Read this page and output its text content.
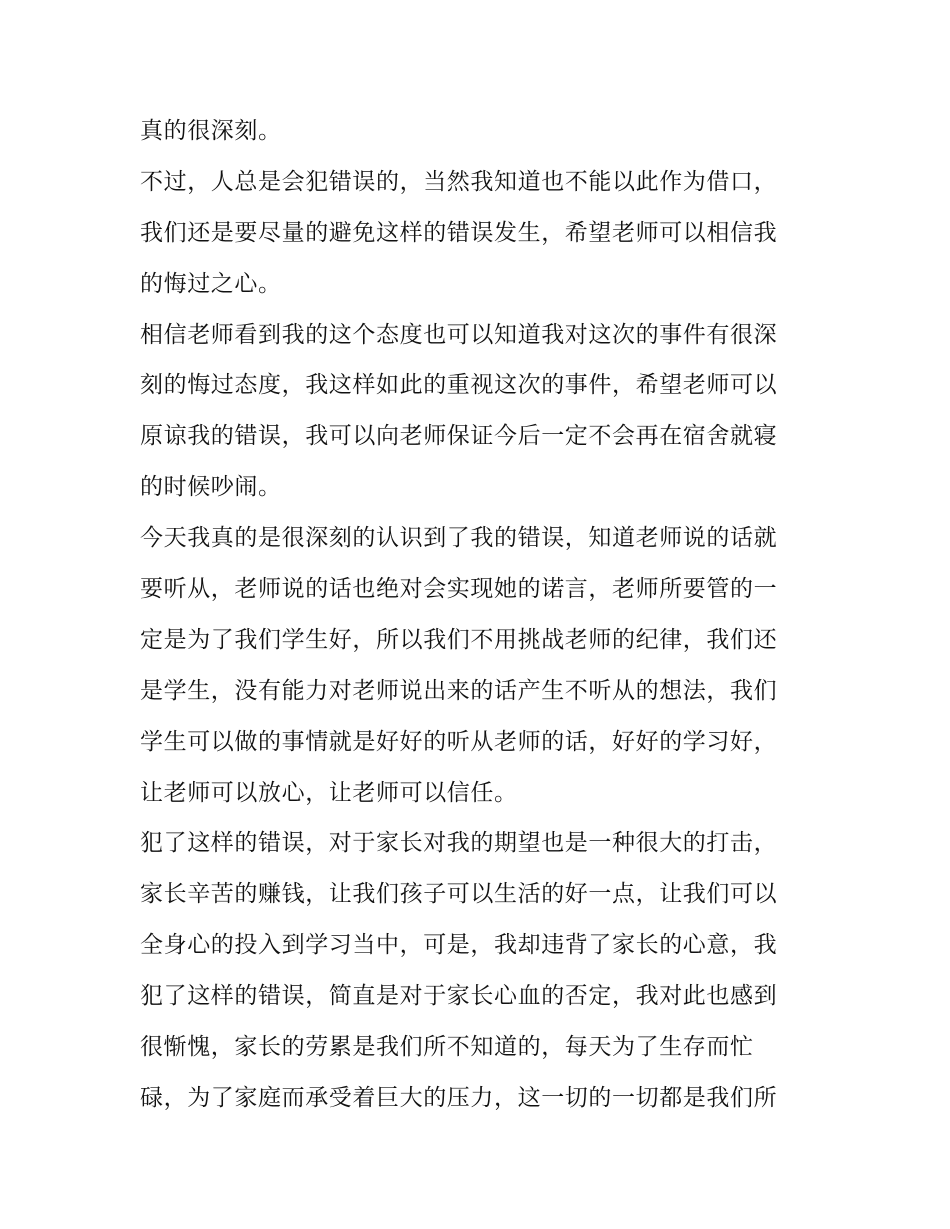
真的很深刻。
不过，人总是会犯错误的，当然我知道也不能以此作为借口，
我们还是要尽量的避免这样的错误发生，希望老师可以相信我
的悔过之心。
相信老师看到我的这个态度也可以知道我对这次的事件有很深
刻的悔过态度，我这样如此的重视这次的事件，希望老师可以
原谅我的错误，我可以向老师保证今后一定不会再在宿舍就寝
的时候吵闹。
今天我真的是很深刻的认识到了我的错误，知道老师说的话就
要听从，老师说的话也绝对会实现她的诺言，老师所要管的一
定是为了我们学生好，所以我们不用挑战老师的纪律，我们还
是学生，没有能力对老师说出来的话产生不听从的想法，我们
学生可以做的事情就是好好的听从老师的话，好好的学习好，
让老师可以放心，让老师可以信任。
犯了这样的错误，对于家长对我的期望也是一种很大的打击，
家长辛苦的赚钱，让我们孩子可以生活的好一点，让我们可以
全身心的投入到学习当中，可是，我却违背了家长的心意，我
犯了这样的错误，简直是对于家长心血的否定，我对此也感到
很惭愧，家长的劳累是我们所不知道的，每天为了生存而忙
碌，为了家庭而承受着巨大的压力，这一切的一切都是我们所
